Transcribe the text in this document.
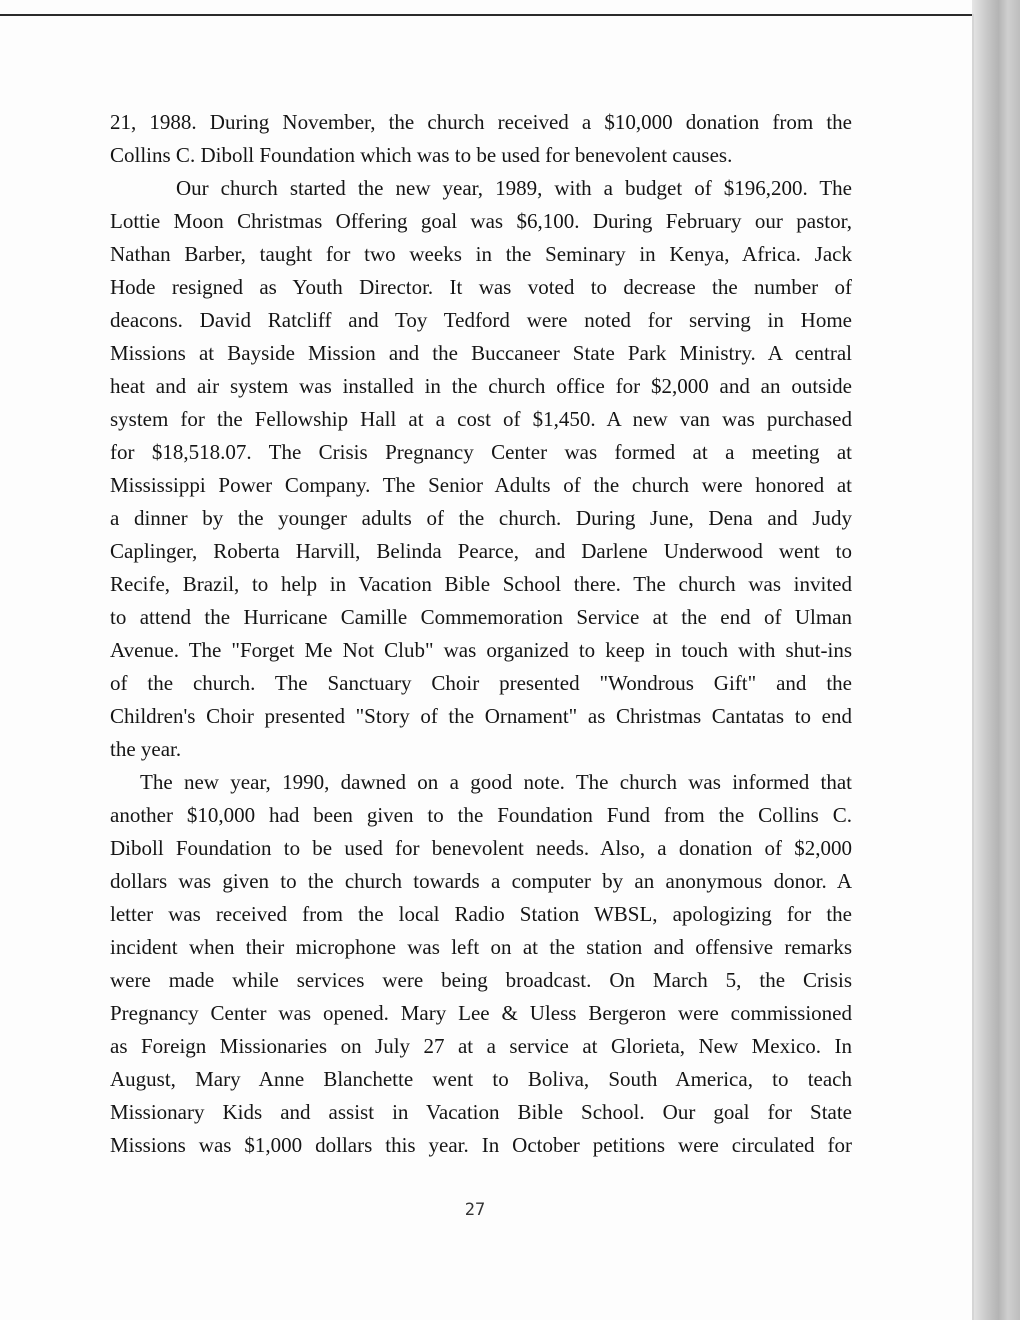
21, 1988. During November, the church received a $10,000 donation from the
Collins C. Diboll Foundation which was to be used for benevolent causes.

Our church started the new year, 1989, with a budget of $196,200. The
Lottie Moon Christmas Offering goal was $6,100. During February our pastor,
Nathan Barber, taught for two weeks in the Seminary in Kenya, Africa. Jack
Hode resigned as Youth Director. It was voted to decrease the number of
deacons. David Ratcliff and Toy Tedford were noted for serving in Home
Missions at Bayside Mission and the Buccaneer State Park Ministry. A central
heat and air system was installed in the church office for $2,000 and an outside
system for the Fellowship Hall at a cost of $1,450. A new van was purchased
for $18,518.07. The Crisis Pregnancy Center was formed at a meeting at
Mississippi Power Company. The Senior Adults of the church were honored at
a dinner by the younger adults of the church. During June, Dena and Judy
Caplinger, Roberta Harvill, Belinda Pearce, and Darlene Underwood went to
Recife, Brazil, to help in Vacation Bible School there. The church was invited
to attend the Hurricane Camille Commemoration Service at the end of Ulman
Avenue. The "Forget Me Not Club" was organized to keep in touch with shut-ins
of the church. The Sanctuary Choir presented "Wondrous Gift" and the
Children's Choir presented "Story of the Ornament" as Christmas Cantatas to end
the year.

The new year, 1990, dawned on a good note. The church was informed that
another $10,000 had been given to the Foundation Fund from the Collins C.
Diboll Foundation to be used for benevolent needs. Also, a donation of $2,000
dollars was given to the church towards a computer by an anonymous donor. A
letter was received from the local Radio Station WBSL, apologizing for the
incident when their microphone was left on at the station and offensive remarks
were made while services were being broadcast. On March 5, the Crisis
Pregnancy Center was opened. Mary Lee & Uless Bergeron were commissioned
as Foreign Missionaries on July 27 at a service at Glorieta, New Mexico. In
August, Mary Anne Blanchette went to Boliva, South America, to teach
Missionary Kids and assist in Vacation Bible School. Our goal for State
Missions was $1,000 dollars this year. In October petitions were circulated for

27
